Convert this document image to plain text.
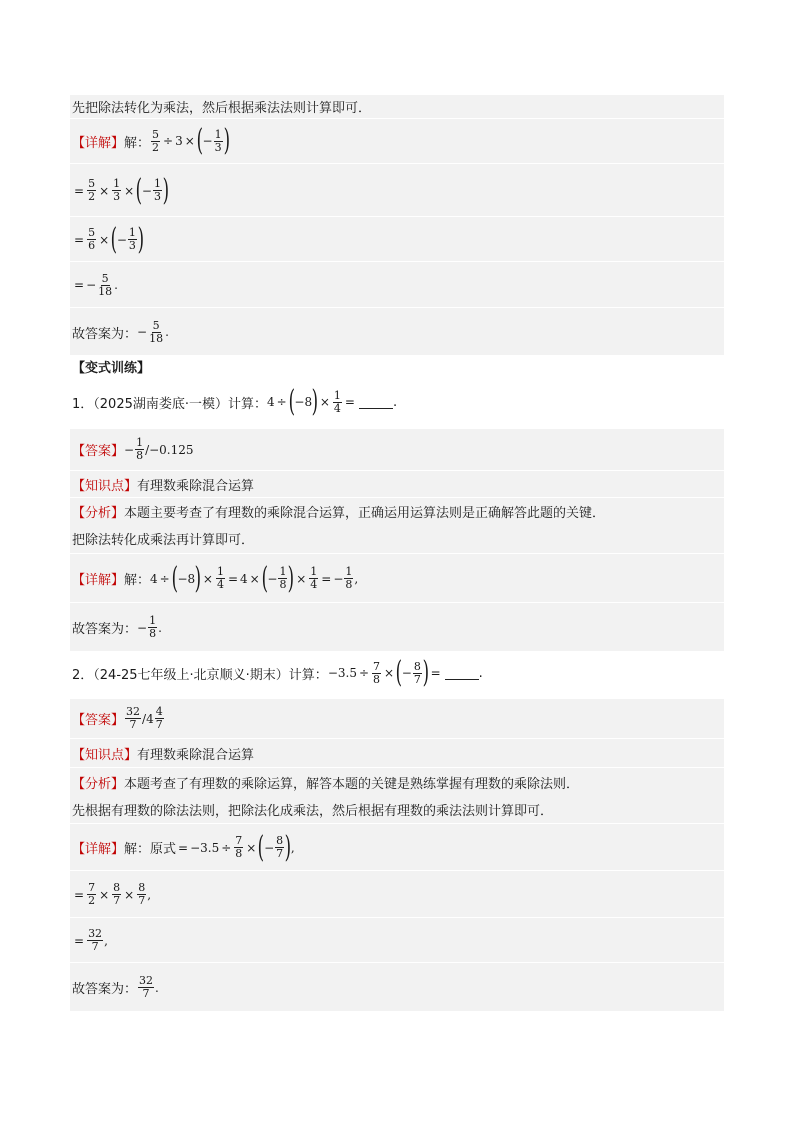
先把除法转化为乘法，然后根据乘法法则计算即可．
【详解】 解： $\frac{5}{2} \div 3$ × ( − $\frac{1}{3}$ )
= $\frac{5}{2} \times \frac{1}{3}$ × ( − $\frac{1}{3}$ )
= $\frac{5}{6}$ × ( − $\frac{1}{3}$ )
= − $\frac{5}{18}$ .
故答案为： − $\frac{5}{18}$ .
【变式训练】
1．（2025湖南娄底·一模）计算： 4 ÷ ( −8 ) × $\frac{1}{4}$ =	.
【答案】 − $\frac{1}{8} /-0.125$
【知识点】 有理数乘除混合运算
【分析】 本题主要考查了有理数的乘除混合运算，正确运用运算法则是正确解答此题的关键．
把除法转化成乘法再计算即可．
【详解】 解： 4 ÷ ( −8 ) × $\frac{1}{4} = 4$ × ( − $\frac{1}{8}$ ) × $\frac{1}{4}$ = − $\frac{1}{8}$ ,
故答案为： − $\frac{1}{8}$ .
2．（24-25七年级上·北京顺义·期末）计算： $-3.5 \div \frac{7}{8}$ × ( − $\frac{8}{7}$ ) =	.
【答案】 $\frac{32}{7} / 4 \frac{4}{7}$
【知识点】 有理数乘除混合运算
【分析】 本题考查了有理数的乘除运算，解答本题的关键是熟练掌握有理数的乘除法则．
先根据有理数的除法法则，把除法化成乘法，然后根据有理数的乘法法则计算即可．
【详解】 解：原式 = $-3.5 \div \frac{7}{8}$ × ( − $\frac{8}{7}$ ) ,
= $\frac{7}{2} \times \frac{8}{7} \times \frac{8}{7}$ ,
= $\frac{32}{7}$ ,
故答案为： $\frac{32}{7}$ .
